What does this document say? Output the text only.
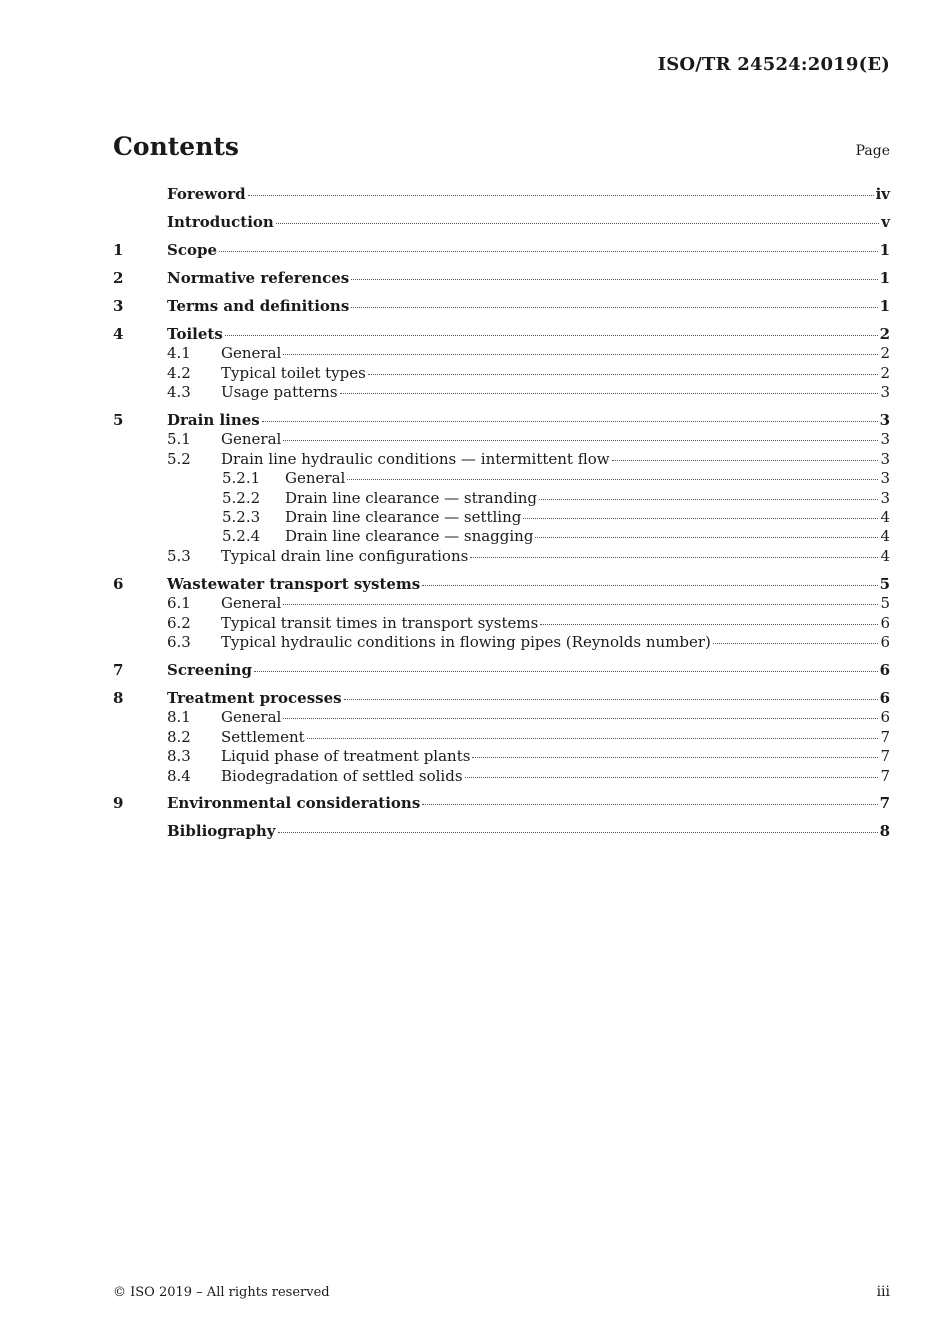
ISO/TR 24524:2019(E)
Contents	Page
Foreword	iv
Introduction	v
1	Scope	1
2	Normative references	1
3	Terms and definitions	1
4	Toilets	2
4.1	General	2
4.2	Typical toilet types	2
4.3	Usage patterns	3
5	Drain lines	3
5.1	General	3
5.2	Drain line hydraulic conditions — intermittent flow	3
5.2.1	General	3
5.2.2	Drain line clearance — stranding	3
5.2.3	Drain line clearance — settling	4
5.2.4	Drain line clearance — snagging	4
5.3	Typical drain line configurations	4
6	Wastewater transport systems	5
6.1	General	5
6.2	Typical transit times in transport systems	6
6.3	Typical hydraulic conditions in flowing pipes (Reynolds number)	6
7	Screening	6
8	Treatment processes	6
8.1	General	6
8.2	Settlement	7
8.3	Liquid phase of treatment plants	7
8.4	Biodegradation of settled solids	7
9	Environmental considerations	7
Bibliography	8
© ISO 2019 – All rights reserved	iii
